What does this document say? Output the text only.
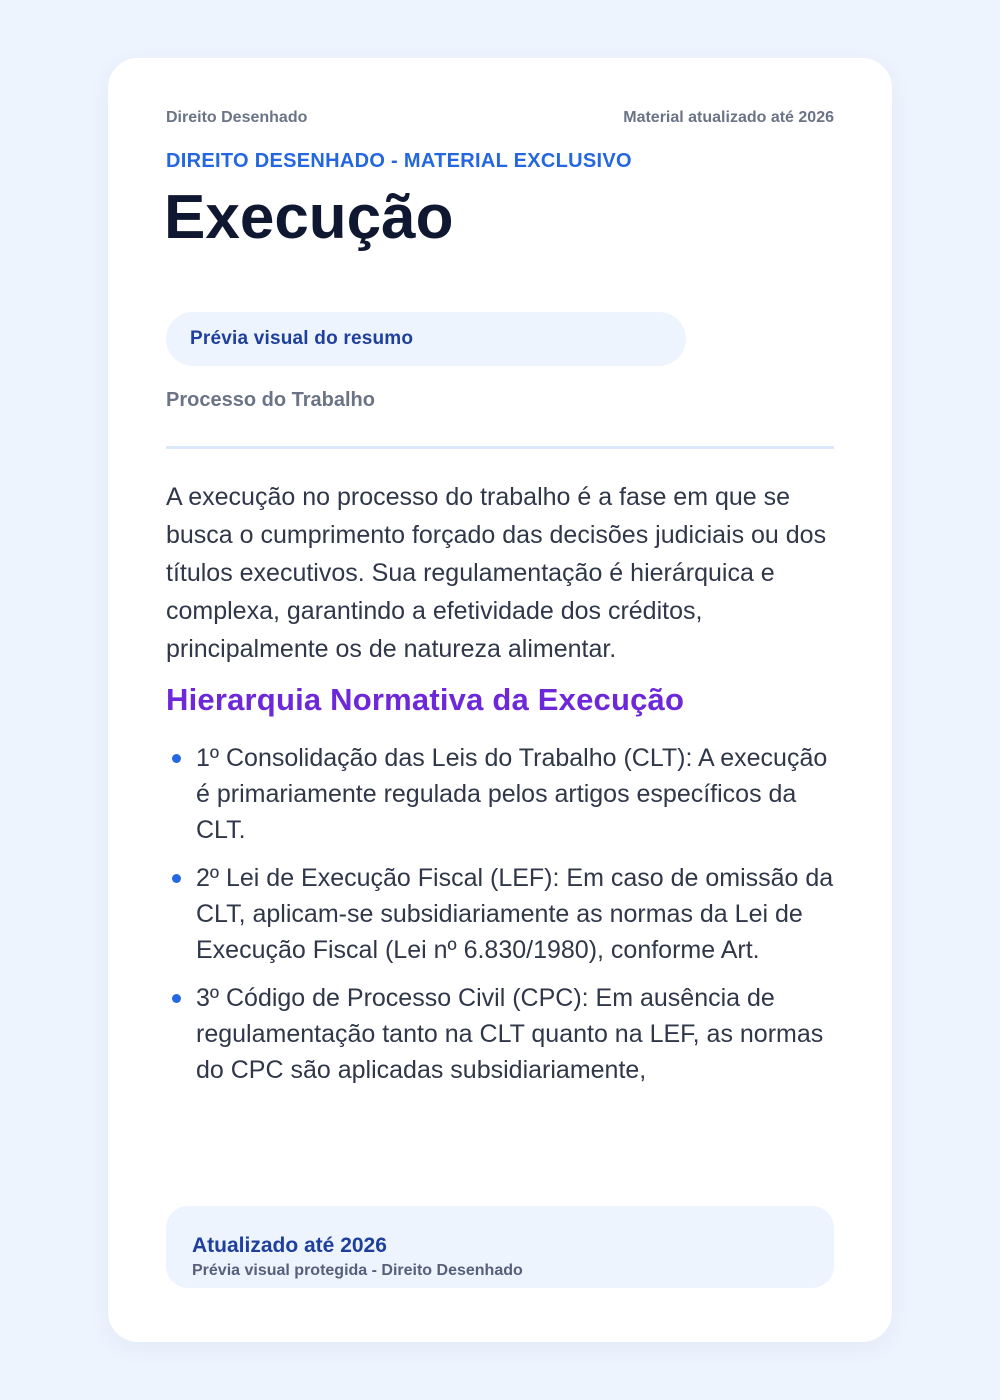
Direito Desenhado	Material atualizado até 2026
DIREITO DESENHADO - MATERIAL EXCLUSIVO
Execução
Prévia visual do resumo
Processo do Trabalho

A execução no processo do trabalho é a fase em que se busca o cumprimento forçado das decisões judiciais ou dos títulos executivos. Sua regulamentação é hierárquica e complexa, garantindo a efetividade dos créditos, principalmente os de natureza alimentar.

Hierarquia Normativa da Execução
1º Consolidação das Leis do Trabalho (CLT): A execução é primariamente regulada pelos artigos específicos da CLT.
2º Lei de Execução Fiscal (LEF): Em caso de omissão da CLT, aplicam-se subsidiariamente as normas da Lei de Execução Fiscal (Lei nº 6.830/1980), conforme Art.
3º Código de Processo Civil (CPC): Em ausência de regulamentação tanto na CLT quanto na LEF, as normas do CPC são aplicadas subsidiariamente,
Atualizado até 2026
Prévia visual protegida - Direito Desenhado
